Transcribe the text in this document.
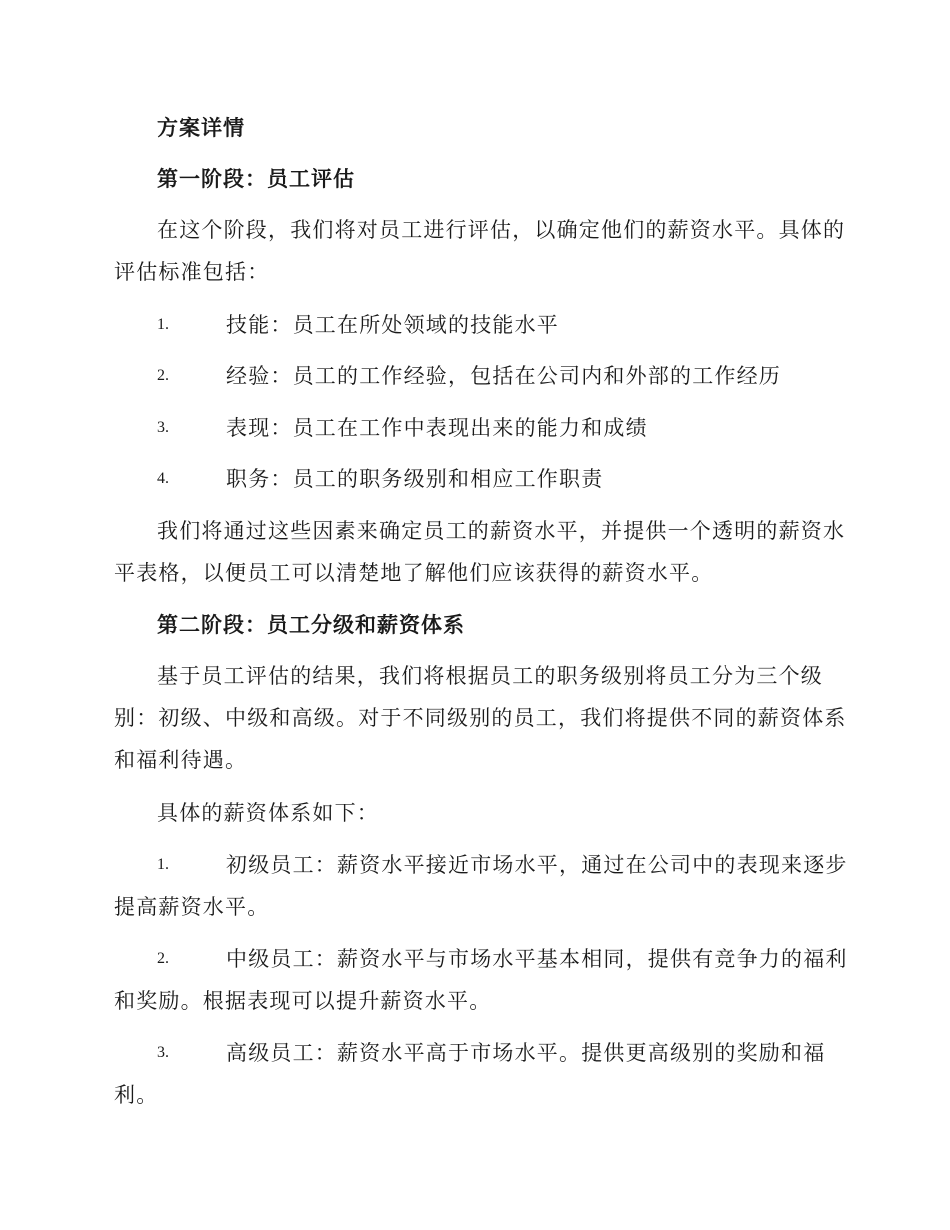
方案详情
第一阶段：员工评估
在这个阶段，我们将对员工进行评估，以确定他们的薪资水平。具体的
评估标准包括：
1.	技能：员工在所处领域的技能水平
2.	经验：员工的工作经验，包括在公司内和外部的工作经历
3.	表现：员工在工作中表现出来的能力和成绩
4.	职务：员工的职务级别和相应工作职责
我们将通过这些因素来确定员工的薪资水平，并提供一个透明的薪资水
平表格，以便员工可以清楚地了解他们应该获得的薪资水平。
第二阶段：员工分级和薪资体系
基于员工评估的结果，我们将根据员工的职务级别将员工分为三个级
别：初级、中级和高级。对于不同级别的员工，我们将提供不同的薪资体系
和福利待遇。
具体的薪资体系如下：
1.	初级员工：薪资水平接近市场水平，通过在公司中的表现来逐步
提高薪资水平。
2.	中级员工：薪资水平与市场水平基本相同，提供有竞争力的福利
和奖励。根据表现可以提升薪资水平。
3.	高级员工：薪资水平高于市场水平。提供更高级别的奖励和福
利。
